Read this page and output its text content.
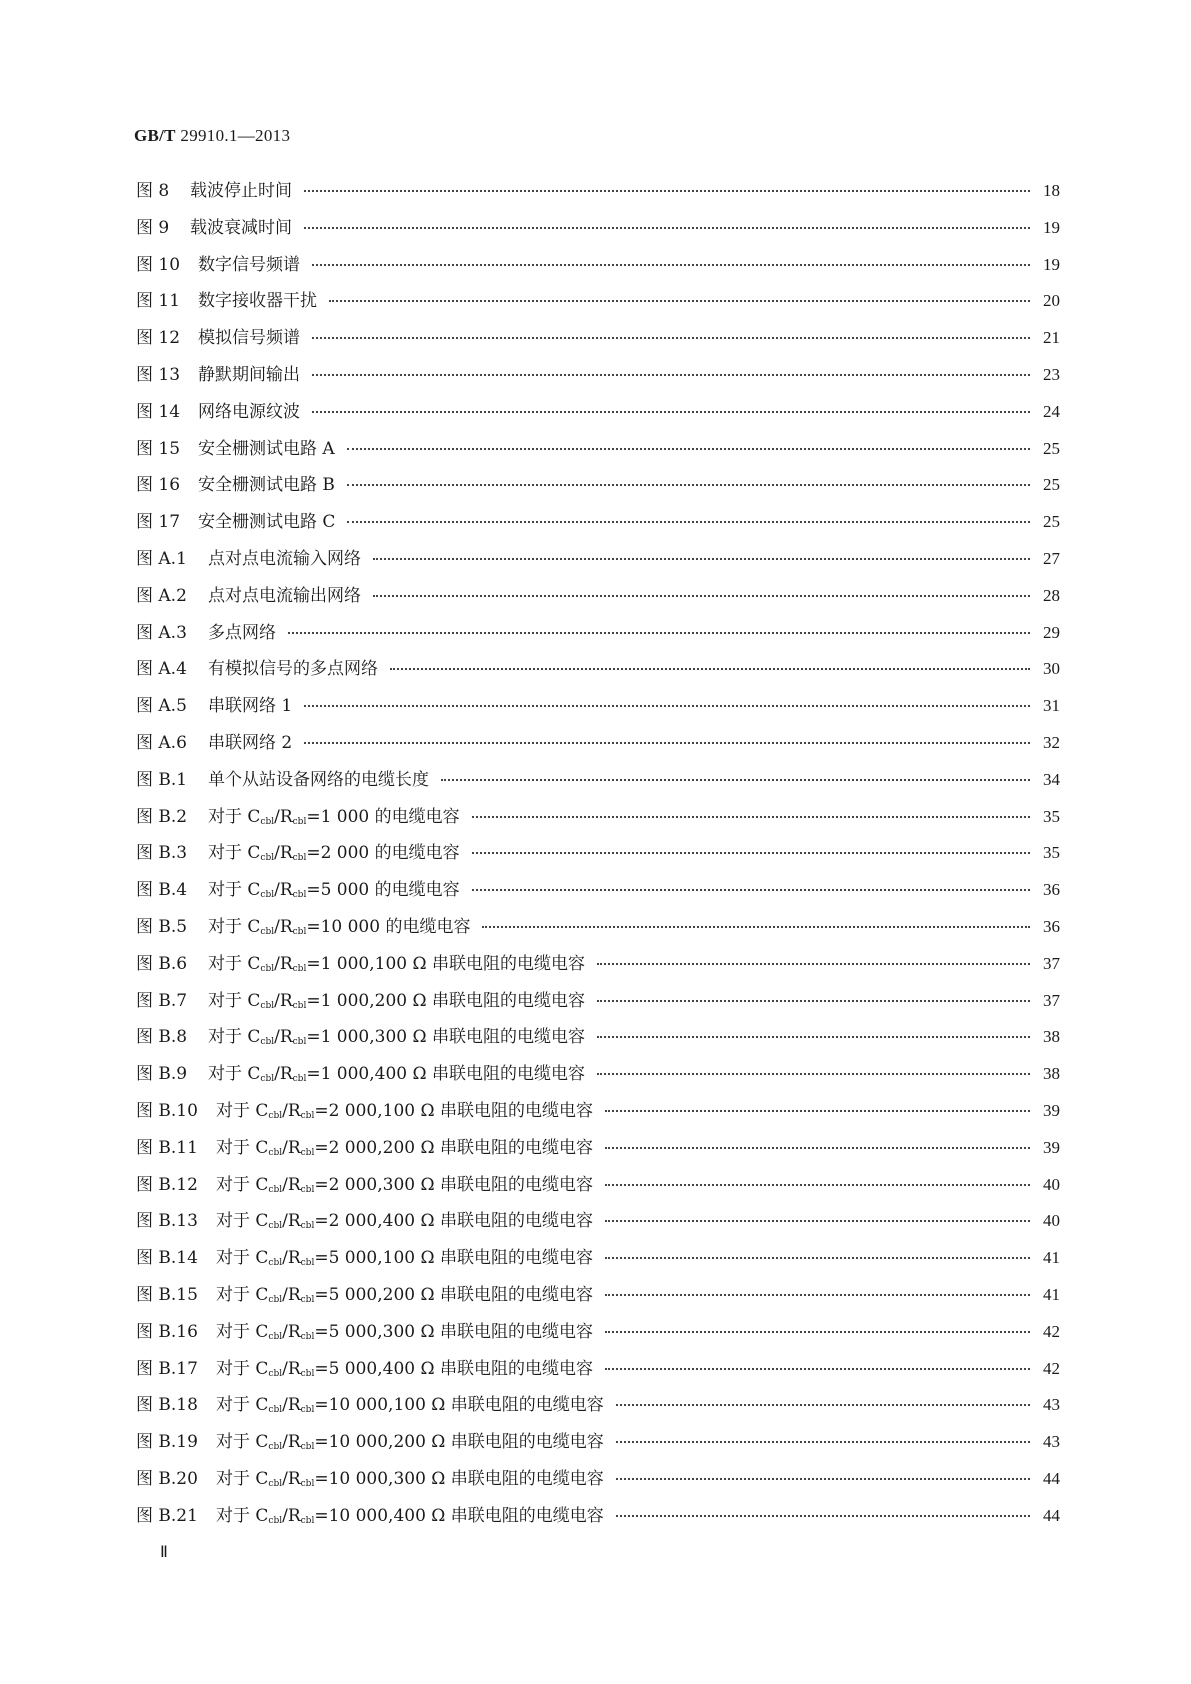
GB/T 29910.1—2013
图 8	载波停止时间	18
图 9	载波衰减时间	19
图 10 数字信号频谱	19
图 11 数字接收器干扰	20
图 12 模拟信号频谱	21
图 13 静默期间输出	23
图 14 网络电源纹波	24
图 15 安全栅测试电路 A	25
图 16 安全栅测试电路 B	25
图 17 安全栅测试电路 C	25
图 A.1	点对点电流输入网络	27
图 A.2	点对点电流输出网络	28
图 A.3	多点网络	29
图 A.4	有模拟信号的多点网络	30
图 A.5	串联网络 1	31
图 A.6	串联网络 2	32
图 B.1	单个从站设备网络的电缆长度	34
图 B.2	对于 $C_{cbl}/R_{cbl}=1$ 000 的电缆电容	35
图 B.3	对于 $C_{cbl}/R_{cbl}=2$ 000 的电缆电容	35
图 B.4	对于 $C_{cbl}/R_{cbl}=5$ 000 的电缆电容	36
图 B.5	对于 $C_{cbl}/R_{cbl}=10$ 000 的电缆电容	36
图 B.6	对于 $C_{cbl}/R_{cbl}=1$ 000,100 Ω 串联电阻的电缆电容	37
图 B.7	对于 $C_{cbl}/R_{cbl}=1$ 000,200 Ω 串联电阻的电缆电容	37
图 B.8	对于 $C_{cbl}/R_{cbl}=1$ 000,300 Ω 串联电阻的电缆电容	38
图 B.9	对于 $C_{cbl}/R_{cbl}=1$ 000,400 Ω 串联电阻的电缆电容	38
图 B.10 对于 $C_{cbl}/R_{cbl}=2$ 000,100 Ω 串联电阻的电缆电容	39
图 B.11 对于 $C_{cbl}/R_{cbl}=2$ 000,200 Ω 串联电阻的电缆电容	39
图 B.12 对于 $C_{cbl}/R_{cbl}=2$ 000,300 Ω 串联电阻的电缆电容	40
图 B.13 对于 $C_{cbl}/R_{cbl}=2$ 000,400 Ω 串联电阻的电缆电容	40
图 B.14 对于 $C_{cbl}/R_{cbl}=5$ 000,100 Ω 串联电阻的电缆电容	41
图 B.15 对于 $C_{cbl}/R_{cbl}=5$ 000,200 Ω 串联电阻的电缆电容	41
图 B.16 对于 $C_{cbl}/R_{cbl}=5$ 000,300 Ω 串联电阻的电缆电容	42
图 B.17 对于 $C_{cbl}/R_{cbl}=5$ 000,400 Ω 串联电阻的电缆电容	42
图 B.18 对于 $C_{cbl}/R_{cbl}=10$ 000,100 Ω 串联电阻的电缆电容	43
图 B.19 对于 $C_{cbl}/R_{cbl}=10$ 000,200 Ω 串联电阻的电缆电容	43
图 B.20 对于 $C_{cbl}/R_{cbl}=10$ 000,300 Ω 串联电阻的电缆电容	44
图 B.21 对于 $C_{cbl}/R_{cbl}=10$ 000,400 Ω 串联电阻的电缆电容	44
Ⅱ
